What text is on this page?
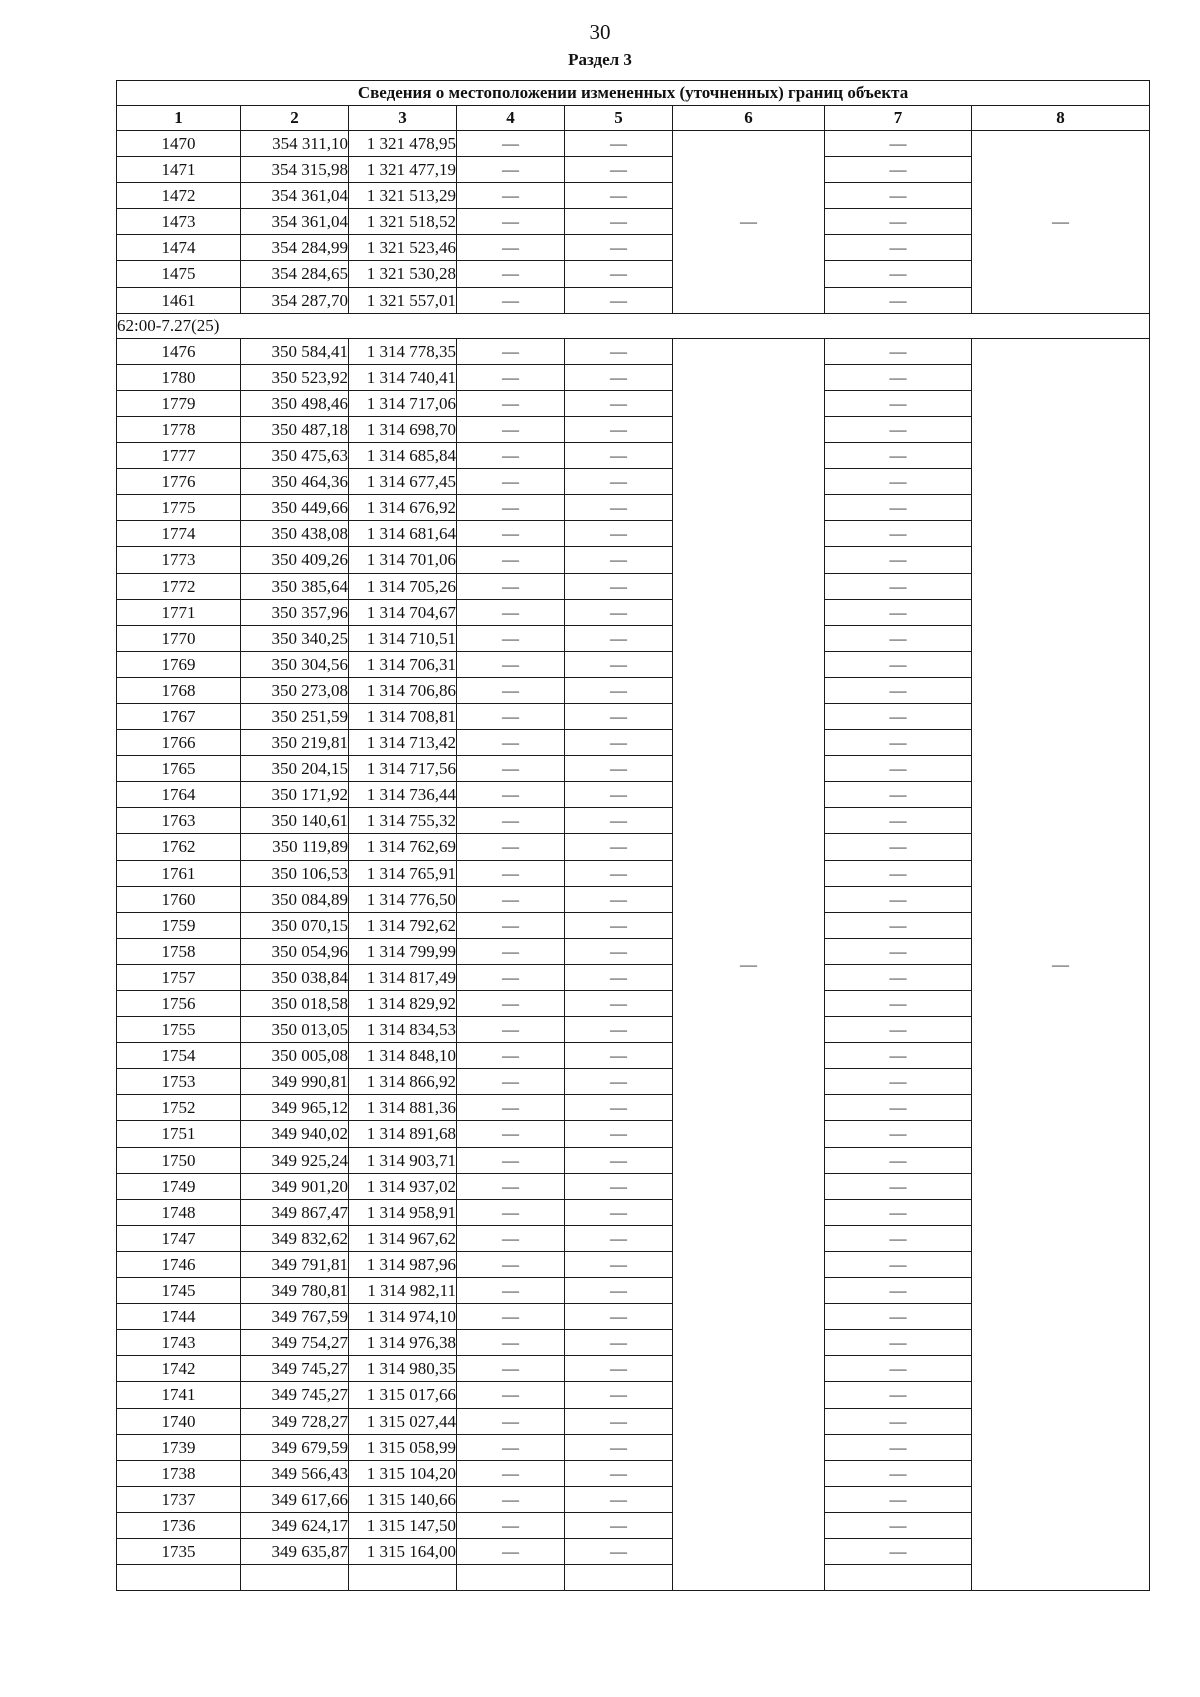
30
Раздел 3
Сведения о местоположении измененных (уточненных) границ объекта							
1	2	3	4	5	6	7	8
1470	354 311,10	1 321 478,95	—	—	—	—	—
1471	354 315,98	1 321 477,19	—	—		—	
1472	354 361,04	1 321 513,29	—	—		—	
1473	354 361,04	1 321 518,52	—	—		—	
1474	354 284,99	1 321 523,46	—	—		—	
1475	354 284,65	1 321 530,28	—	—		—	
1461	354 287,70	1 321 557,01	—	—		—	
62:00-7.27(25)							
1476	350 584,41	1 314 778,35	—	—	—	—	—
1780	350 523,92	1 314 740,41	—	—		—	
1779	350 498,46	1 314 717,06	—	—		—	
1778	350 487,18	1 314 698,70	—	—		—	
1777	350 475,63	1 314 685,84	—	—		—	
1776	350 464,36	1 314 677,45	—	—		—	
1775	350 449,66	1 314 676,92	—	—		—	
1774	350 438,08	1 314 681,64	—	—		—	
1773	350 409,26	1 314 701,06	—	—		—	
1772	350 385,64	1 314 705,26	—	—		—	
1771	350 357,96	1 314 704,67	—	—		—	
1770	350 340,25	1 314 710,51	—	—		—	
1769	350 304,56	1 314 706,31	—	—		—	
1768	350 273,08	1 314 706,86	—	—		—	
1767	350 251,59	1 314 708,81	—	—		—	
1766	350 219,81	1 314 713,42	—	—		—	
1765	350 204,15	1 314 717,56	—	—		—	
1764	350 171,92	1 314 736,44	—	—		—	
1763	350 140,61	1 314 755,32	—	—		—	
1762	350 119,89	1 314 762,69	—	—		—	
1761	350 106,53	1 314 765,91	—	—		—	
1760	350 084,89	1 314 776,50	—	—		—	
1759	350 070,15	1 314 792,62	—	—		—	
1758	350 054,96	1 314 799,99	—	—		—	
1757	350 038,84	1 314 817,49	—	—		—	
1756	350 018,58	1 314 829,92	—	—		—	
1755	350 013,05	1 314 834,53	—	—		—	
1754	350 005,08	1 314 848,10	—	—		—	
1753	349 990,81	1 314 866,92	—	—		—	
1752	349 965,12	1 314 881,36	—	—		—	
1751	349 940,02	1 314 891,68	—	—		—	
1750	349 925,24	1 314 903,71	—	—		—	
1749	349 901,20	1 314 937,02	—	—		—	
1748	349 867,47	1 314 958,91	—	—		—	
1747	349 832,62	1 314 967,62	—	—		—	
1746	349 791,81	1 314 987,96	—	—		—	
1745	349 780,81	1 314 982,11	—	—		—	
1744	349 767,59	1 314 974,10	—	—		—	
1743	349 754,27	1 314 976,38	—	—		—	
1742	349 745,27	1 314 980,35	—	—		—	
1741	349 745,27	1 315 017,66	—	—		—	
1740	349 728,27	1 315 027,44	—	—		—	
1739	349 679,59	1 315 058,99	—	—		—	
1738	349 566,43	1 315 104,20	—	—		—	
1737	349 617,66	1 315 140,66	—	—		—	
1736	349 624,17	1 315 147,50	—	—		—	
1735	349 635,87	1 315 164,00	—	—		—	
